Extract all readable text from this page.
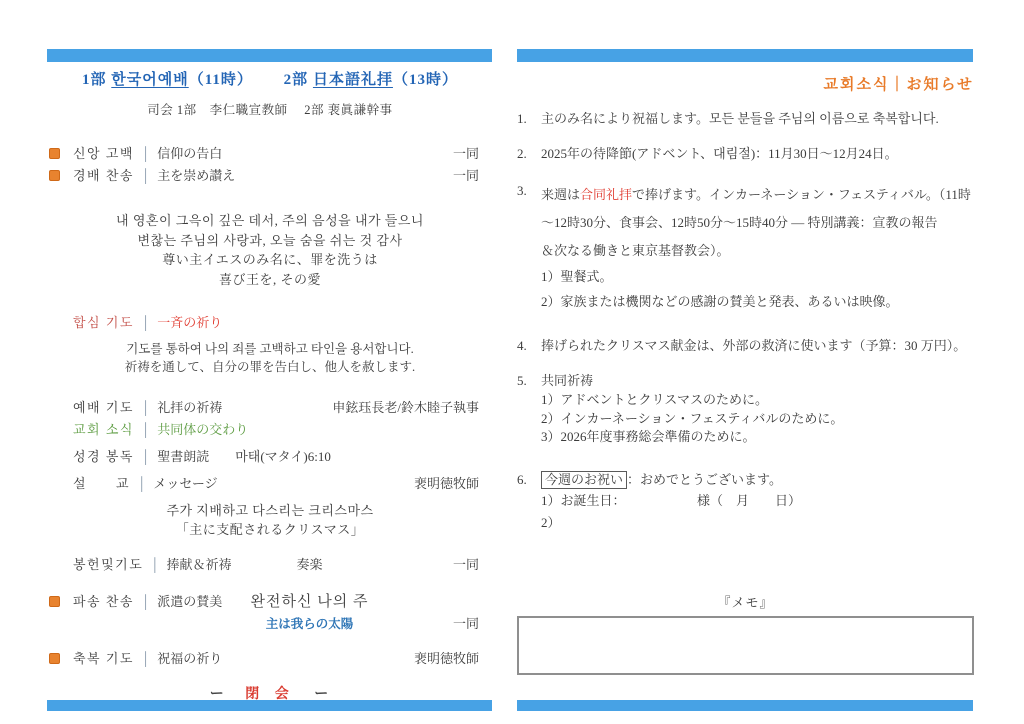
1部 한국어예배（11時） 2部 日本語礼拝（13時）
司会 1部　李仁職宣教師　 2部 裵眞謙幹事
신앙 고백 │ 信仰の告白	一同
경배 찬송 │ 主を崇め讃え	一同
내 영혼이 그윽이 깊은 데서, 주의 음성을 내가 들으니
변찮는 주님의 사랑과, 오늘 숨을 쉬는 것 감사
尊い主イエスのみ名に、罪を洗うは
喜び王を, その愛
합심 기도 │ 一斉の祈り
기도를 통하여 나의 죄를 고백하고 타인을 용서합니다.
祈祷を通して、自分の罪を告白し、他人を赦します.
예배 기도 │ 礼拝の祈祷	申鉉珏長老/鈴木睦子執事
교회 소식 │ 共同体の交わり
성경 봉독 │ 聖書朗読 마태(マタイ)6:10
설　　교 │ メッセージ	裵明徳牧師
주가 지배하고 다스리는 크리스마스
「主に支配されるクリスマス」
봉헌및기도 │ 捧献＆祈祷	奏楽	一同
파송 찬송 │ 派遣の賛美	완전하신 나의 주
主は我らの太陽	一同
축복 기도 │ 祝福の祈り	裵明徳牧師
ー 閉 会 ー
교회소식｜お知らせ
1.	主のみ名により祝福します。모든 분들을 주님의 이름으로 축복합니다.
2.	2025年の待降節(アドベント、대림절)：11月30日～12月24日。
3.	来週は合同礼拝で捧げます。インカーネーション・フェスティバル。（11時
～12時30分、食事会、12時50分～15時40分 ― 特別講義：宣教の報告
＆次なる働きと東京基督教会）。
1）聖餐式。
2）家族または機関などの感謝の賛美と発表、あるいは映像。
4.	捧げられたクリスマス献金は、外部の救済に使います（予算：30 万円）。
5.	共同祈祷
1）アドベントとクリスマスのために。
2）インカーネーション・フェスティバルのために。
3）2026年度事務総会準備のために。
6.	今週のお祝い ：おめでとうございます。
1）お誕生日：　　　　　　様（　月　　日）
2）
『メモ』
